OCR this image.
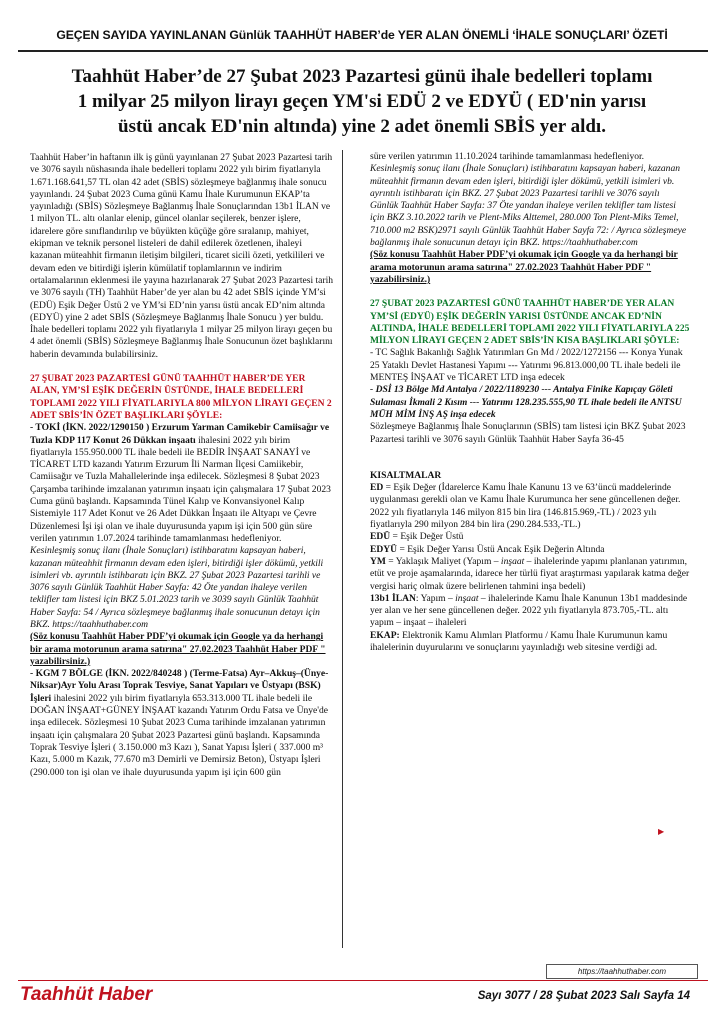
GEÇEN SAYIDA YAYINLANAN Günlük TAAHHÜT HABER’de YER ALAN ÖNEMLİ ‘İHALE SONUÇLARI’ ÖZETİ
Taahhüt Haber’de 27 Şubat 2023 Pazartesi günü ihale bedelleri toplamı
1 milyar 25 milyon lirayı geçen YM'si EDÜ 2 ve EDYÜ ( ED'nin yarısı
üstü ancak ED'nin altında) yine 2 adet önemli SBİS yer aldı.

Taahhüt Haber’in haftanın ilk iş günü yayınlanan 27 Şubat 2023 Pazartesi tarih ve 3076 sayılı nüshasında ihale bedelleri toplamı 2022 yılı birim fiyatlarıyla 1.671.168.641,57 TL olan 42 adet (SBİS) sözleşmeye bağlanmış ihale sonucu yayınlandı. 24 Şubat 2023 Cuma günü Kamu İhale Kurumunun EKAP’ta yayınladığı (SBİS) Sözleşmeye Bağlanmış İhale Sonuçlarından 13b1 İLAN ve 1 milyon TL. altı olanlar elenip, güncel olanlar seçilerek, benzer işlere, idarelere göre sınıflandırılıp ve büyükten küçüğe göre sıralanıp, mahiyet, ekipman ve teknik personel listeleri de dahil edilerek özetlenen, ihaleyi kazanan müteahhit firmanın iletişim bilgileri, ticaret sicili özeti, yetkilileri ve devam eden ve bitirdiği işlerin kümülatif toplamlarının ve indirim ortalamalarının eklenmesi ile yayına hazırlanarak 27 Şubat 2023 Pazartesi tarih ve 3076 sayılı (TH) Taahhüt Haber’de yer alan bu 42 adet SBİS içinde YM’si (EDÜ) Eşik Değer Üstü 2 ve YM’si ED’nin yarısı üstü ancak ED’nim altında (EDYÜ) yine 2 adet SBİS (Sözleşmeye Bağlanmış İhale Sonucu ) yer buldu. İhale bedelleri toplamı 2022 yılı fiyatlarıyla 1 milyar 25 milyon lirayı geçen bu 4 adet önemli (SBİS) Sözleşmeye Bağlanmış İhale Sonucunun özet başlıklarını haberin devamında bulabilirsiniz.

27 ŞUBAT 2023 PAZARTESİ GÜNÜ TAAHHÜT HABER’DE YER ALAN, YM’Sİ EŞİK DEĞERİN ÜSTÜNDE, İHALE BEDELLERİ TOPLAMI 2022 YILI FİYATLARIYLA 800 MİLYON LİRAYI GEÇEN 2 ADET SBİS’İN ÖZET BAŞLIKLARI ŞÖYLE:

- TOKİ (İKN. 2022/1290150 ) Erzurum Yarman Camikebir Camiisağır ve Tuzla KDP 117 Konut 26 Dükkan inşaatı ihalesini 2022 yılı birim fiyatlarıyla 155.950.000 TL ihale bedeli ile BEDİR İNŞAAT SANAYİ ve TİCARET LTD kazandı Yatırım Erzurum İli Narman İlçesi Camiikebir, Camiisağır ve Tuzla Mahallelerinde inşa edilecek. Sözleşmesi 8 Şubat 2023 Çarşamba tarihinde imzalanan yatırımın inşaatı için çalışmalara 17 Şubat 2023 Cuma günü başlandı. Kapsamında Tünel Kalıp ve Konvansiyonel Kalıp Sistemiyle 117 Adet Konut ve 26 Adet Dükkan İnşaatı ile Altyapı ve Çevre Düzenlemesi İşi işi olan ve ihale duyurusunda yapım işi için 500 gün süre verilen yatırımın 1.07.2024 tarihinde tamamlanması hedefleniyor.

Kesinleşmiş sonuç ilanı (İhale Sonuçları) istihbaratını kapsayan haberi, kazanan müteahhit firmanın devam eden işleri, bitirdiği işler dökümü, yetkili isimleri vb. ayrıntılı istihbaratı için BKZ. 27 Şubat 2023 Pazartesi tarihli ve 3076 sayılı Günlük Taahhüt Haber Sayfa: 42 Öte yandan ihaleye verilen teklifler tam listesi için BKZ 5.01.2023 tarih ve 3039 sayılı Günlük Taahhüt Haber Sayfa: 54 / Ayrıca sözleşmeye bağlanmış ihale sonucunun detayı için BKZ. https://taahhuthaber.com

(Söz konusu Taahhüt Haber PDF’yi okumak için Google ya da herhangi bir arama motorunun arama satırına" 27.02.2023 Taahhüt Haber PDF " yazabilirsiniz.)

- KGM 7 BÖLGE (İKN. 2022/840248 ) (Terme-Fatsa) Ayr–Akkuş–(Ünye-Niksar)Ayr Yolu Arası Toprak Tesviye, Sanat Yapıları ve Üstyapı (BSK) İşleri ihalesini 2022 yılı birim fiyatlarıyla 653.313.000 TL ihale bedeli ile DOĞAN İNŞAAT+GÜNEY İNŞAAT kazandı Yatırım Ordu Fatsa ve Ünye'de inşa edilecek. Sözleşmesi 10 Şubat 2023 Cuma tarihinde imzalanan yatırımın inşaatı için çalışmalara 20 Şubat 2023 Pazartesi günü başlandı. Kapsamında Toprak Tesviye İşleri ( 3.150.000 m3 Kazı ), Sanat Yapısı İşleri ( 337.000 m³ Kazı, 5.000 m Kazık, 77.670 m3 Demirli ve Demirsiz Beton), Üstyapı İşleri (290.000 ton işi olan ve ihale duyurusunda yapım işi için 600 gün

süre verilen yatırımın 11.10.2024 tarihinde tamamlanması hedefleniyor.

Kesinleşmiş sonuç ilanı (İhale Sonuçları) istihbaratını kapsayan haberi, kazanan müteahhit firmanın devam eden işleri, bitirdiği işler dökümü, yetkili isimleri vb. ayrıntılı istihbaratı için BKZ. 27 Şubat 2023 Pazartesi tarihli ve 3076 sayılı Günlük Taahhüt Haber Sayfa: 37 Öte yandan ihaleye verilen teklifler tam listesi için BKZ 3.10.2022 tarih ve Plent-Miks Alttemel, 280.000 Ton Plent-Miks Temel, 710.000 m2 BSK)2971 sayılı Günlük Taahhüt Haber Sayfa 72: / Ayrıca sözleşmeye bağlanmış ihale sonucunun detayı için BKZ. https://taahhuthaber.com

(Söz konusu Taahhüt Haber PDF’yi okumak için Google ya da herhangi bir arama motorunun arama satırına" 27.02.2023 Taahhüt Haber PDF " yazabilirsiniz.)

27 ŞUBAT 2023 PAZARTESİ GÜNÜ TAAHHÜT HABER’DE YER ALAN YM’Sİ (EDYÜ) EŞİK DEĞERİN YARISI ÜSTÜNDE ANCAK ED’NİN ALTINDA, İHALE BEDELLERİ TOPLAMI 2022 YILI FİYATLARIYLA 225 MİLYON LİRAYI GEÇEN 2 ADET SBİS’İN KISA BAŞLIKLARI ŞÖYLE:

- TC Sağlık Bakanlığı Sağlık Yatırımları Gn Md / 2022/1272156 --- Konya Yunak 25 Yataklı Devlet Hastanesi Yapımı --- Yatırımı 96.813.000,00 TL ihale bedeli ile MENTEŞ İNŞAAT ve TİCARET LTD inşa edecek

- DSİ 13 Bölge Md Antalya / 2022/1189230 --- Antalya Finike Kapıçay Göleti Sulaması İkmali 2 Kısım --- Yatırımı 128.235.555,90 TL ihale bedeli ile ANTSU MÜH MİM İNŞ AŞ inşa edecek

Sözleşmeye Bağlanmış İhale Sonuçlarının (SBİS) tam listesi için BKZ Şubat 2023 Pazartesi tarihli ve 3076 sayılı Günlük Taahhüt Haber Sayfa 36-45

KISALTMALAR

ED = Eşik Değer (İdarelerce Kamu İhale Kanunu 13 ve 63’üncü maddelerinde uygulanması gerekli olan ve Kamu İhale Kurumunca her sene güncellenen değer. 2022 yılı fiyatlarıyla 146 milyon 815 bin lira (146.815.969,-TL) / 2023 yılı fiyatlarıyla 290 milyon 284 bin lira (290.284.533,-TL.)

EDÜ = Eşik Değer Üstü

EDYÜ = Eşik Değer Yarısı Üstü Ancak Eşik Değerin Altında

YM = Yaklaşık Maliyet (Yapım – inşaat – ihalelerinde yapımı planlanan yatırımın, etüt ve proje aşamalarında, idarece her türlü fiyat araştırması yapılarak katma değer vergisi hariç olmak üzere belirlenen tahmini inşa bedeli)

13b1 İLAN: Yapım – inşaat – ihalelerinde Kamu İhale Kanunun 13b1 maddesinde yer alan ve her sene güncellenen değer. 2022 yılı fiyatlarıyla 873.705,-TL. altı yapım – inşaat – ihaleleri

EKAP: Elektronik Kamu Alımları Platformu / Kamu İhale Kurumunun kamu ihalelerinin duyurularını ve sonuçlarını yayınladığı web sitesine verdiği ad.

▶
https://taahhuthaber.com
Taahhüt Haber	Sayı 3077 / 28 Şubat 2023 Salı Sayfa 14
